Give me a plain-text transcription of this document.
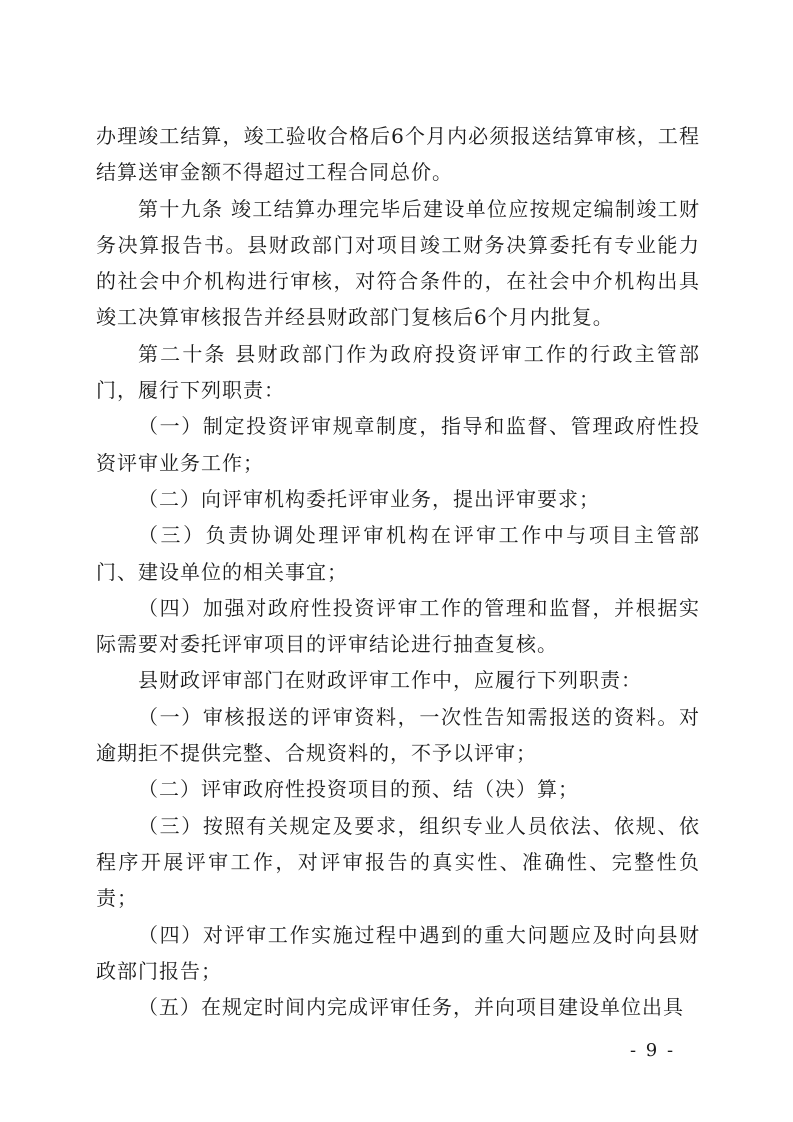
办理竣工结算，竣工验收合格后6个月内必须报送结算审核，工程结算送审金额不得超过工程合同总价。

第十九条 竣工结算办理完毕后建设单位应按规定编制竣工财务决算报告书。县财政部门对项目竣工财务决算委托有专业能力的社会中介机构进行审核，对符合条件的，在社会中介机构出具竣工决算审核报告并经县财政部门复核后6个月内批复。

第二十条 县财政部门作为政府投资评审工作的行政主管部门，履行下列职责：

（一）制定投资评审规章制度，指导和监督、管理政府性投资评审业务工作；

（二）向评审机构委托评审业务，提出评审要求；

（三）负责协调处理评审机构在评审工作中与项目主管部门、建设单位的相关事宜；

（四）加强对政府性投资评审工作的管理和监督，并根据实际需要对委托评审项目的评审结论进行抽查复核。

县财政评审部门在财政评审工作中，应履行下列职责：

（一）审核报送的评审资料，一次性告知需报送的资料。对逾期拒不提供完整、合规资料的，不予以评审；

（二）评审政府性投资项目的预、结（决）算；

（三）按照有关规定及要求，组织专业人员依法、依规、依程序开展评审工作，对评审报告的真实性、准确性、完整性负责；

（四）对评审工作实施过程中遇到的重大问题应及时向县财政部门报告；

（五）在规定时间内完成评审任务，并向项目建设单位出具

- 9 -
